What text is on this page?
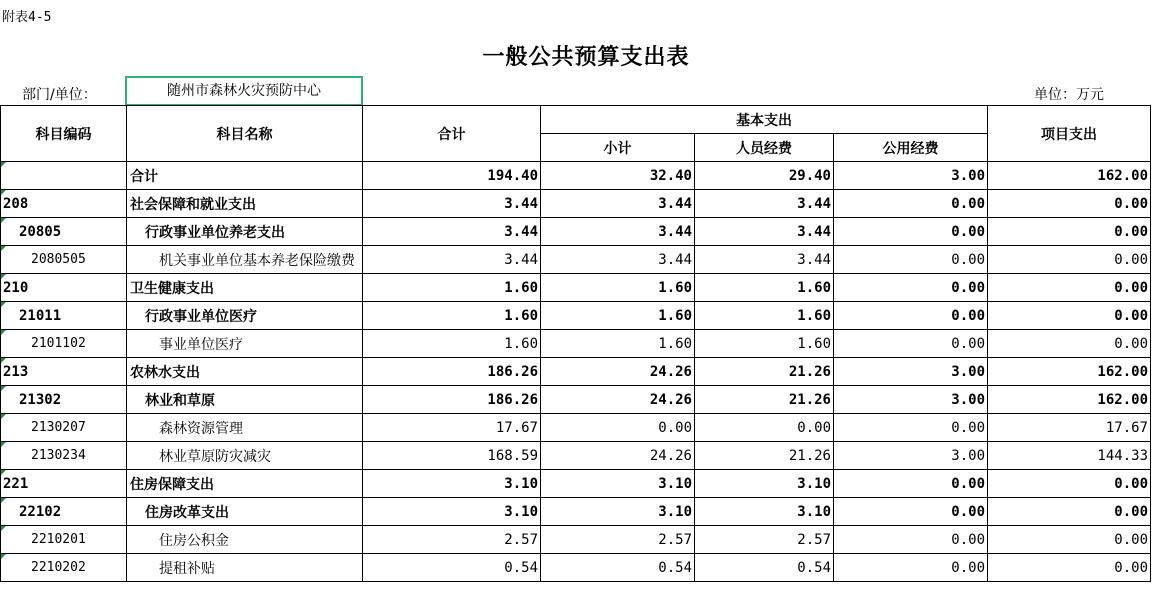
附表4-5
一般公共预算支出表
部门/单位：	随州市森林火灾预防中心	单位：万元
科目编码	科目名称	合计	基本支出			项目支出
			小计	人员经费	公用经费	
	合计	194.40	32.40	29.40	3.00	162.00
208	社会保障和就业支出	3.44	3.44	3.44	0.00	0.00
20805	行政事业单位养老支出	3.44	3.44	3.44	0.00	0.00
2080505	机关事业单位基本养老保险缴费	3.44	3.44	3.44	0.00	0.00
210	卫生健康支出	1.60	1.60	1.60	0.00	0.00
21011	行政事业单位医疗	1.60	1.60	1.60	0.00	0.00
2101102	事业单位医疗	1.60	1.60	1.60	0.00	0.00
213	农林水支出	186.26	24.26	21.26	3.00	162.00
21302	林业和草原	186.26	24.26	21.26	3.00	162.00
2130207	森林资源管理	17.67	0.00	0.00	0.00	17.67
2130234	林业草原防灾减灾	168.59	24.26	21.26	3.00	144.33
221	住房保障支出	3.10	3.10	3.10	0.00	0.00
22102	住房改革支出	3.10	3.10	3.10	0.00	0.00
2210201	住房公积金	2.57	2.57	2.57	0.00	0.00
2210202	提租补贴	0.54	0.54	0.54	0.00	0.00
